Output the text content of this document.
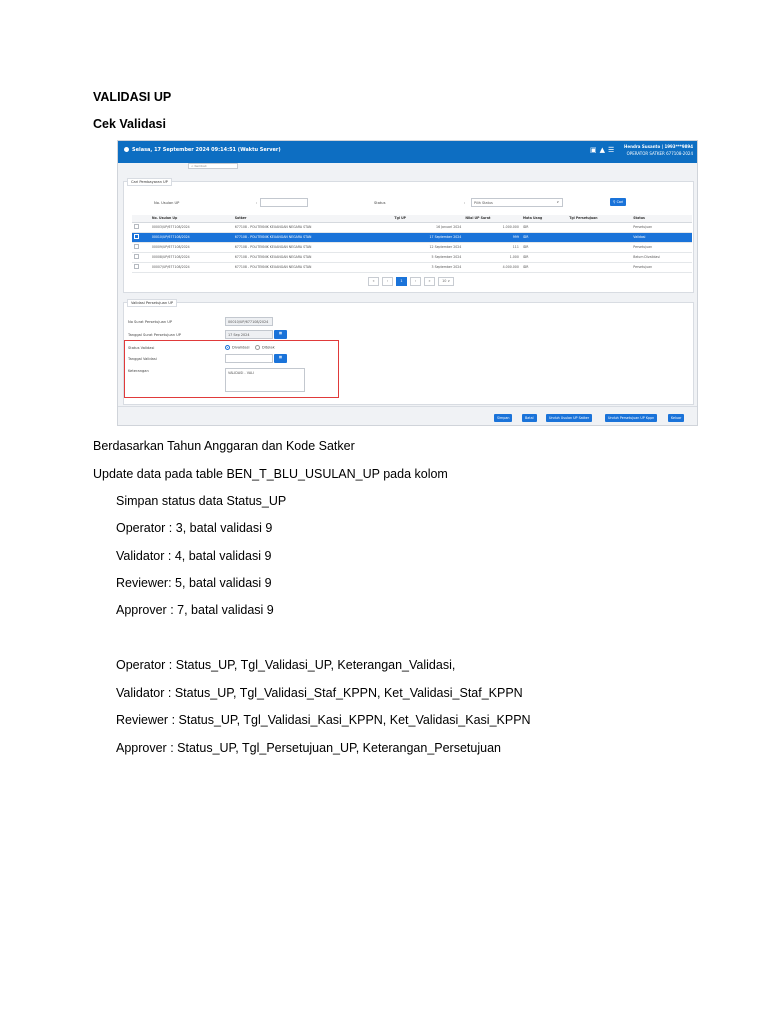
VALIDASI UP
Cek Validasi
Selasa, 17 September 2024 09:14:51 (Waktu Server)	▣▲☰ Hendra Susanto | 1993***9894
OPERATOR SATKER 677108-2024
< Kembali
Cari Pembayaran UP
No. Usulan UP	:	Status	:	Pilih Status	∨	⚲ Cari
	No. Usulan Up	Satker	Tgl UP	Nilai UP Surat	Mata Uang	Tgl Persetujuan	Status
	00003/UP/677108/2024	677108 - POLITEKNIK KEUANGAN NEGARA STAN	16 Januari 2024	1.000.000	IDR		Persetujuan
	00010/UP/677108/2024	677108 - POLITEKNIK KEUANGAN NEGARA STAN	17 September 2024	999	IDR		Validasi
	00009/UP/677108/2024	677108 - POLITEKNIK KEUANGAN NEGARA STAN	12 September 2024	111	IDR		Persetujuan
	00008/UP/677108/2024	677108 - POLITEKNIK KEUANGAN NEGARA STAN	5 September 2024	1.000	IDR		Belum Divalidasi
	00007/UP/677108/2024	677108 - POLITEKNIK KEUANGAN NEGARA STAN	3 September 2024	4.000.000	IDR		Persetujuan
«	‹	1	›	»	10 ∨
Validasi Persetujuan UP
No Surat Persetujuan UP	00010/UP/677108/2024
Tanggal Surat Persetujuan UP	17 Sep 2024	▦
Status Validasi	Divalidasi	Ditolak
Tanggal Validasi	▦
Keterangan	VALIDASI - VALI
Simpan	Batal	Unduh Usulan UP Satker	Unduh Persetujuan UP Kppn	Keluar
Berdasarkan Tahun Anggaran dan Kode Satker
Update data pada table BEN_T_BLU_USULAN_UP pada kolom
Simpan status data Status_UP
Operator : 3, batal validasi 9
Validator : 4, batal validasi 9
Reviewer: 5, batal validasi 9
Approver : 7, batal validasi 9
Operator : Status_UP, Tgl_Validasi_UP, Keterangan_Validasi,
Validator : Status_UP, Tgl_Validasi_Staf_KPPN, Ket_Validasi_Staf_KPPN
Reviewer : Status_UP, Tgl_Validasi_Kasi_KPPN, Ket_Validasi_Kasi_KPPN
Approver : Status_UP, Tgl_Persetujuan_UP, Keterangan_Persetujuan
